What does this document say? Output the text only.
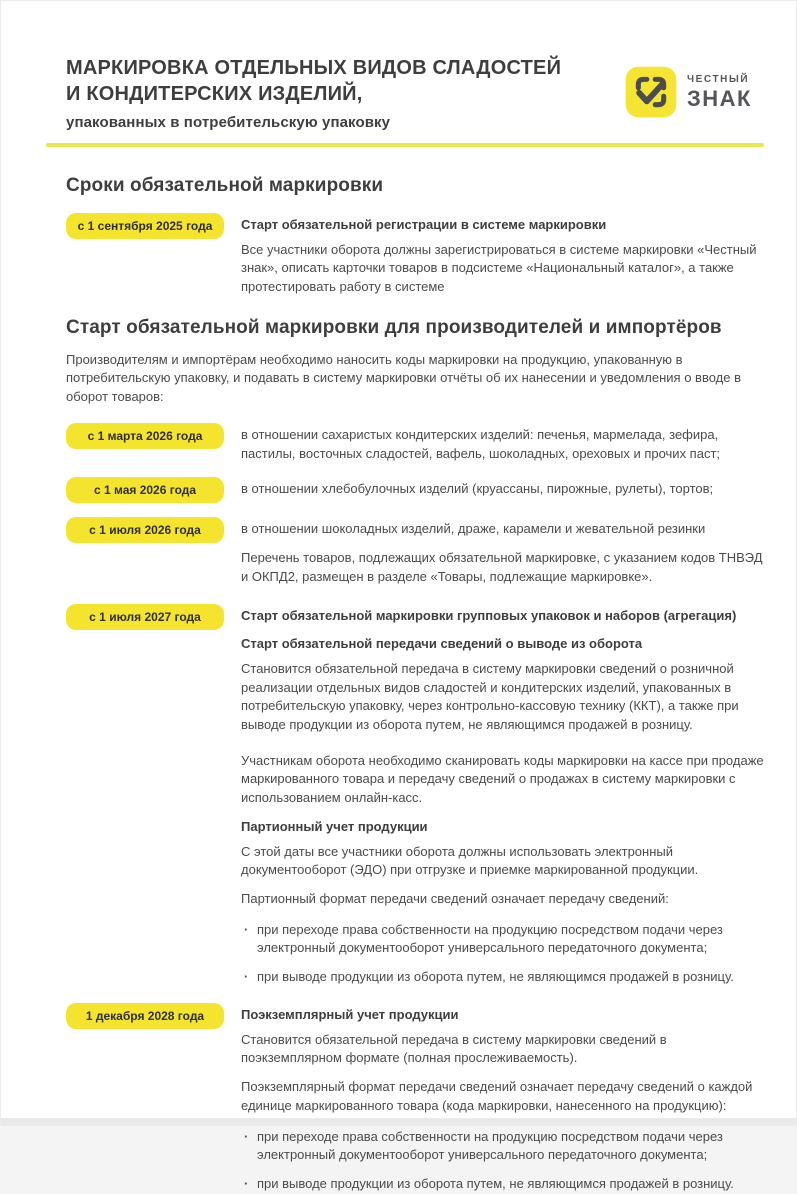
МАРКИРОВКА ОТДЕЛЬНЫХ ВИДОВ СЛАДОСТЕЙ
И КОНДИТЕРСКИХ ИЗДЕЛИЙ,
упакованных в потребительскую упаковку
ЧЕСТНЫЙ
ЗНАК
Сроки обязательной маркировки
с 1 сентября 2025 года	Старт обязательной регистрации в системе маркировки

Все участники оборота должны зарегистрироваться в системе маркировки «Честный знак», описать карточки товаров в подсистеме «Национальный каталог», а также протестировать работу в системе

Старт обязательной маркировки для производителей и импортёров

Производителям и импортёрам необходимо наносить коды маркировки на продукцию, упакованную в потребительскую упаковку, и подавать в систему маркировки отчёты об их нанесении и уведомления о вводе в оборот товаров:

с 1 марта 2026 года	в отношении сахаристых кондитерских изделий: печенья, мармелада, зефира, пастилы, восточных сладостей, вафель, шоколадных, ореховых и прочих паст;

с 1 мая 2026 года	в отношении хлебобулочных изделий (круассаны, пирожные, рулеты), тортов;

с 1 июля 2026 года	в отношении шоколадных изделий, драже, карамели и жевательной резинки

Перечень товаров, подлежащих обязательной маркировке, с указанием кодов ТНВЭД и ОКПД2, размещен в разделе «Товары, подлежащие маркировке».

с 1 июля 2027 года	Старт обязательной маркировки групповых упаковок и наборов (агрегация)
Старт обязательной передачи сведений о выводе из оборота

Становится обязательной передача в систему маркировки сведений о розничной реализации отдельных видов сладостей и кондитерских изделий, упакованных в потребительскую упаковку, через контрольно-кассовую технику (ККТ), а также при выводе продукции из оборота путем, не являющимся продажей в розницу.

Участникам оборота необходимо сканировать коды маркировки на кассе при продаже маркированного товара и передачу сведений о продажах в систему маркировки с использованием онлайн-касс.

Партионный учет продукции

С этой даты все участники оборота должны использовать электронный документооборот (ЭДО) при отгрузке и приемке маркированной продукции.

Партионный формат передачи сведений означает передачу сведений:

· при переходе права собственности на продукцию посредством подачи через электронный документооборот универсального передаточного документа;
· при выводе продукции из оборота путем, не являющимся продажей в розницу.
1 декабря 2028 года	Поэкземплярный учет продукции

Становится обязательной передача в систему маркировки сведений в поэкземплярном формате (полная прослеживаемость).

Поэкземплярный формат передачи сведений означает передачу сведений о каждой единице маркированного товара (кода маркировки, нанесенного на продукцию):

· при переходе права собственности на продукцию посредством подачи через электронный документооборот универсального передаточного документа;
· при выводе продукции из оборота путем, не являющимся продажей в розницу.
